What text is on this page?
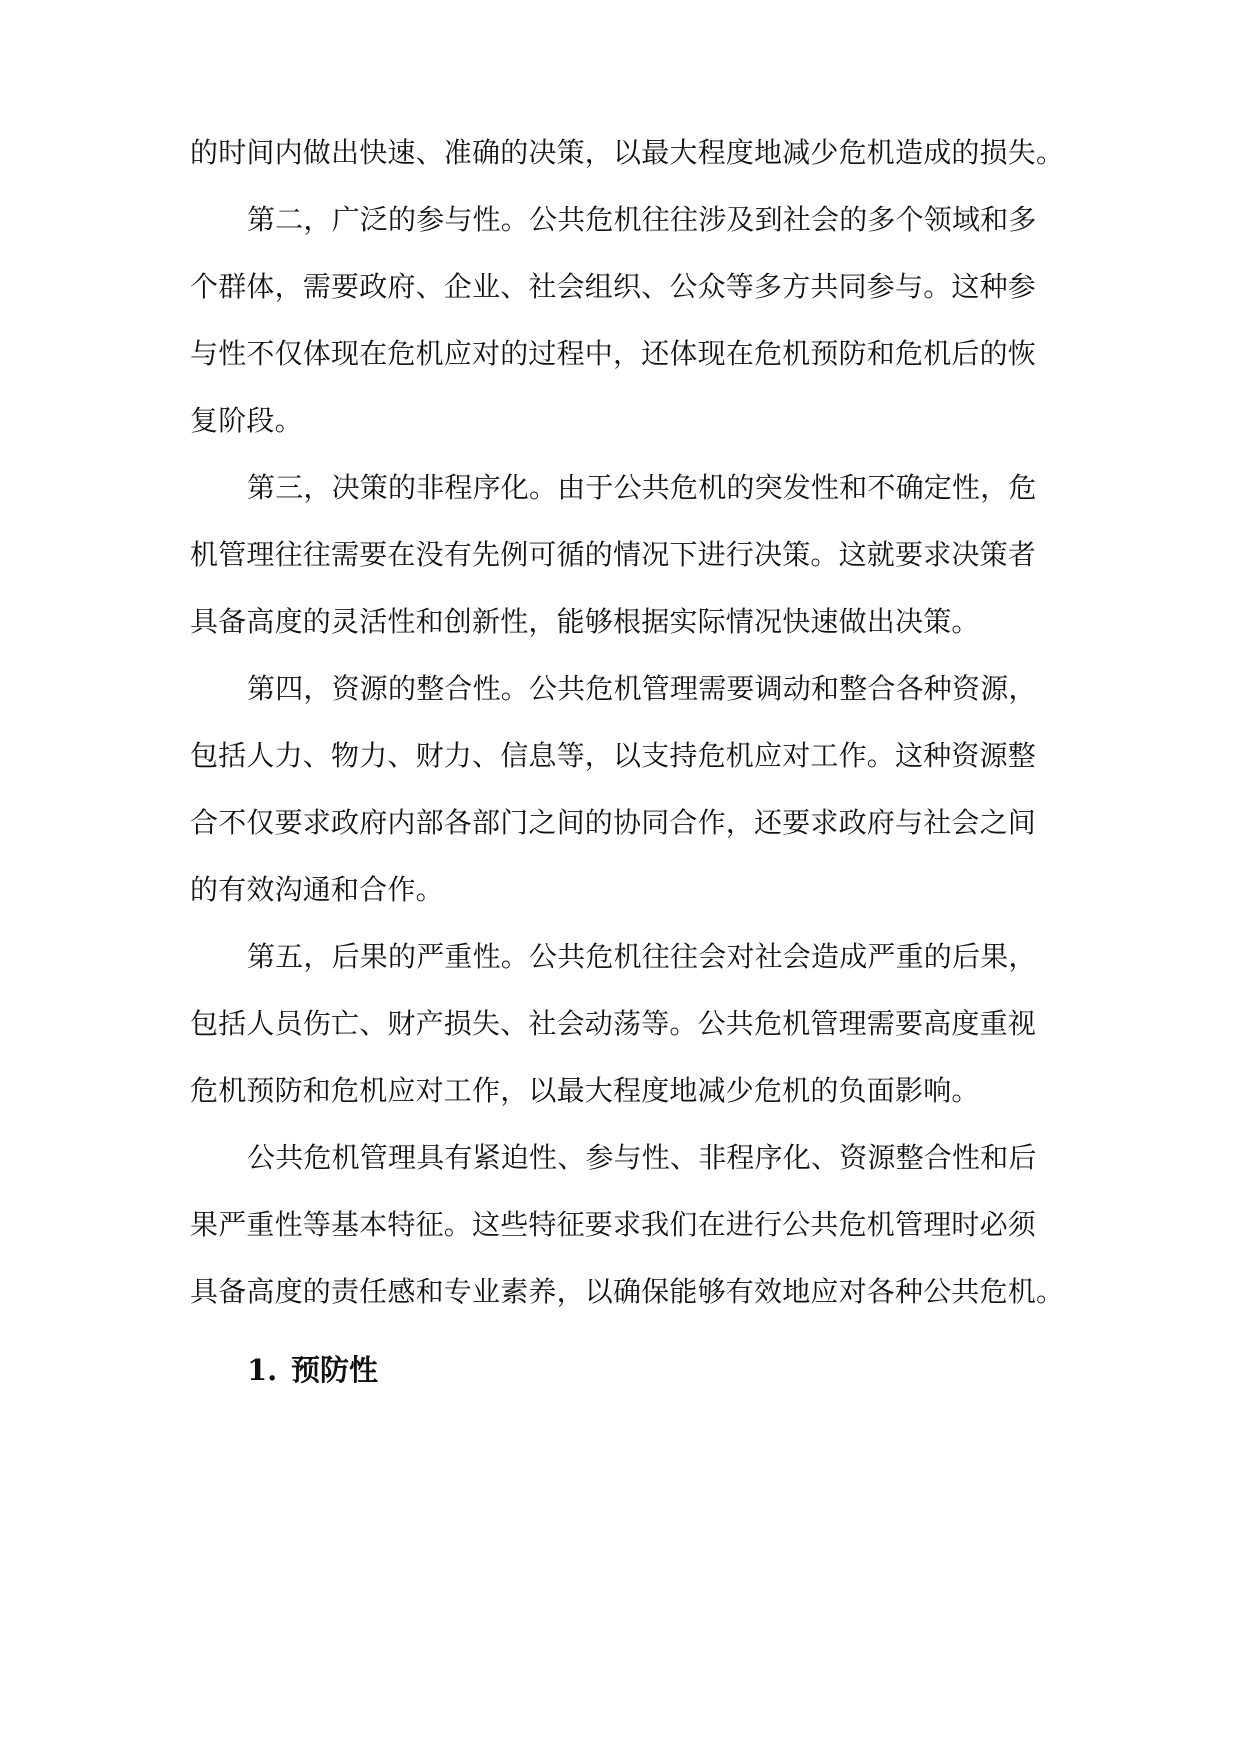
的时间内做出快速、准确的决策，以最大程度地减少危机造成的损失。
第二，广泛的参与性。公共危机往往涉及到社会的多个领域和多
个群体，需要政府、企业、社会组织、公众等多方共同参与。这种参
与性不仅体现在危机应对的过程中，还体现在危机预防和危机后的恢
复阶段。
第三，决策的非程序化。由于公共危机的突发性和不确定性，危
机管理往往需要在没有先例可循的情况下进行决策。这就要求决策者
具备高度的灵活性和创新性，能够根据实际情况快速做出决策。
第四，资源的整合性。公共危机管理需要调动和整合各种资源，
包括人力、物力、财力、信息等，以支持危机应对工作。这种资源整
合不仅要求政府内部各部门之间的协同合作，还要求政府与社会之间
的有效沟通和合作。
第五，后果的严重性。公共危机往往会对社会造成严重的后果，
包括人员伤亡、财产损失、社会动荡等。公共危机管理需要高度重视
危机预防和危机应对工作，以最大程度地减少危机的负面影响。
公共危机管理具有紧迫性、参与性、非程序化、资源整合性和后
果严重性等基本特征。这些特征要求我们在进行公共危机管理时必须
具备高度的责任感和专业素养，以确保能够有效地应对各种公共危机。
1. 预防性
